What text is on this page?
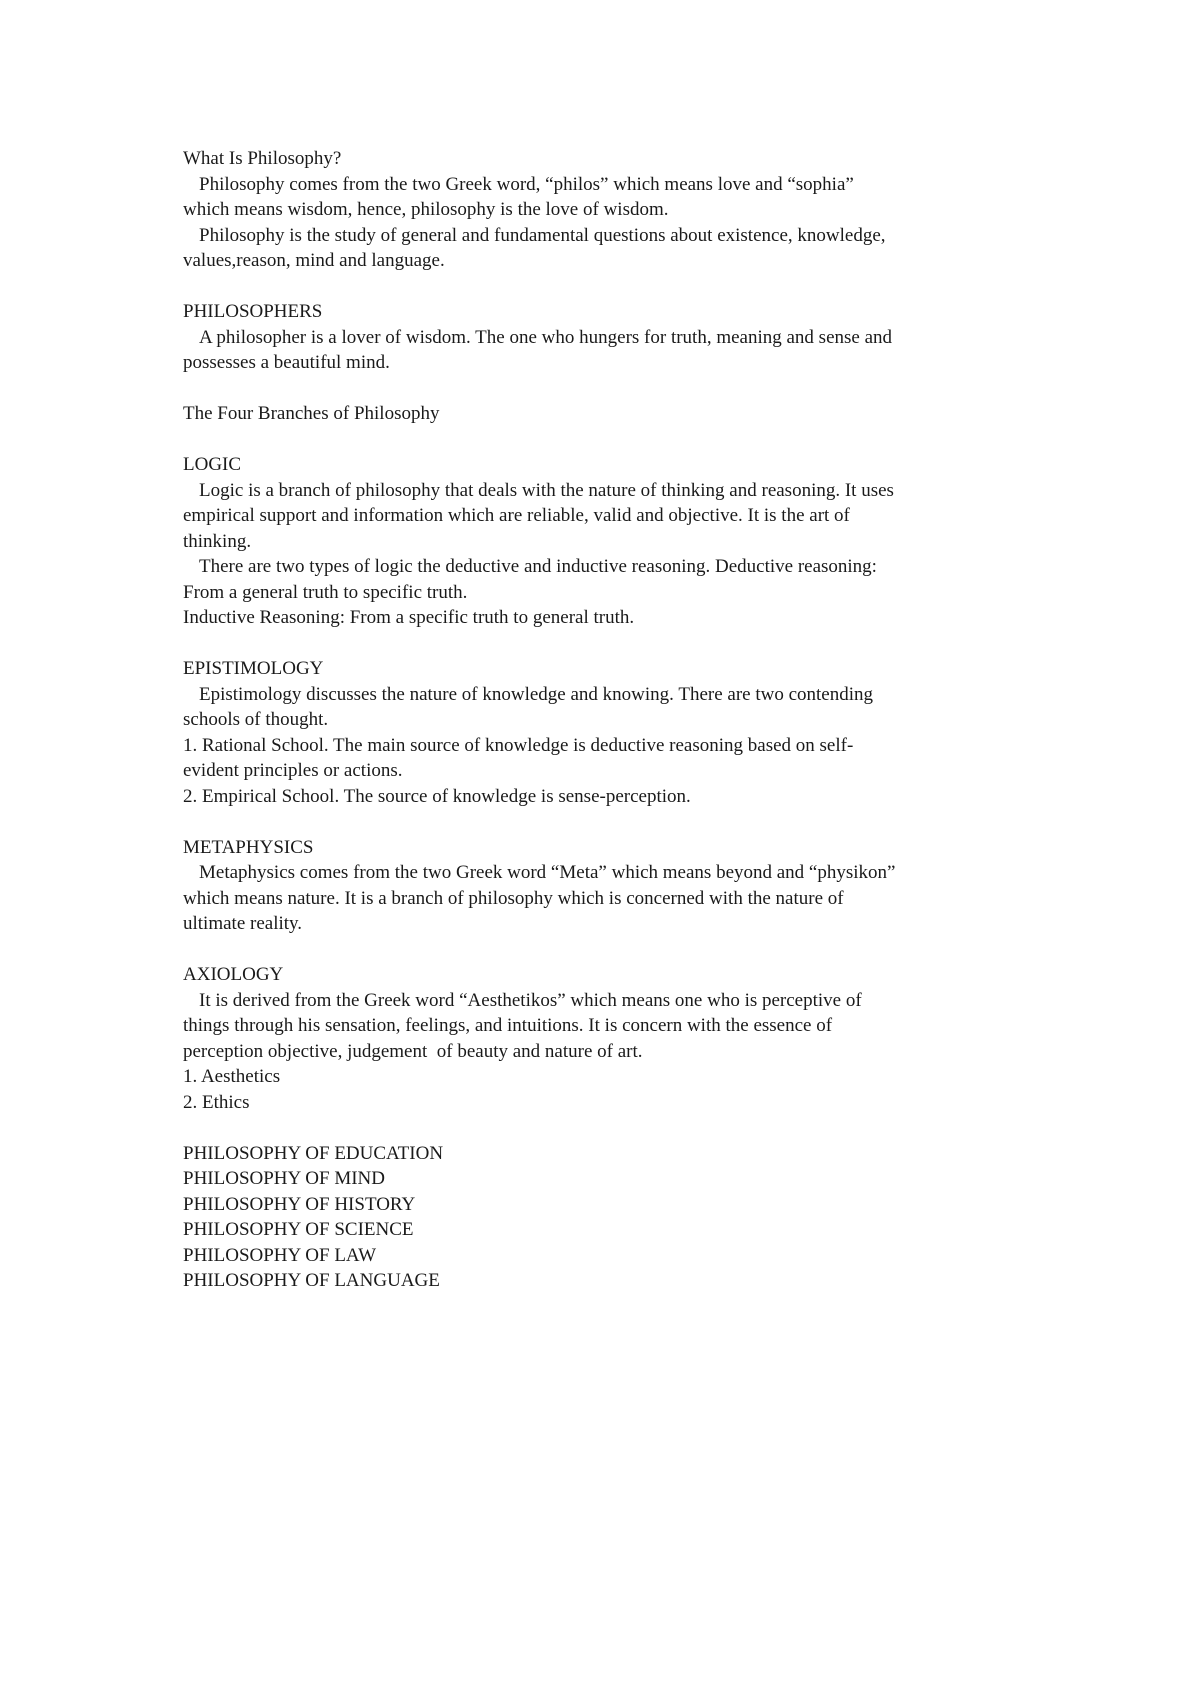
What Is Philosophy?
Philosophy comes from the two Greek word, “philos” which means love and “sophia”
which means wisdom, hence, philosophy is the love of wisdom.
Philosophy is the study of general and fundamental questions about existence, knowledge,
values,reason, mind and language.
PHILOSOPHERS
A philosopher is a lover of wisdom. The one who hungers for truth, meaning and sense and
possesses a beautiful mind.
The Four Branches of Philosophy
LOGIC
Logic is a branch of philosophy that deals with the nature of thinking and reasoning. It uses
empirical support and information which are reliable, valid and objective. It is the art of
thinking.
There are two types of logic the deductive and inductive reasoning. Deductive reasoning:
From a general truth to specific truth.
Inductive Reasoning: From a specific truth to general truth.
EPISTIMOLOGY
Epistimology discusses the nature of knowledge and knowing. There are two contending
schools of thought.
1. Rational School. The main source of knowledge is deductive reasoning based on self-
evident principles or actions.
2. Empirical School. The source of knowledge is sense-perception.
METAPHYSICS
Metaphysics comes from the two Greek word “Meta” which means beyond and “physikon”
which means nature. It is a branch of philosophy which is concerned with the nature of
ultimate reality.
AXIOLOGY
It is derived from the Greek word “Aesthetikos” which means one who is perceptive of
things through his sensation, feelings, and intuitions. It is concern with the essence of
perception objective, judgement  of beauty and nature of art.
1. Aesthetics
2. Ethics
PHILOSOPHY OF EDUCATION
PHILOSOPHY OF MIND
PHILOSOPHY OF HISTORY
PHILOSOPHY OF SCIENCE
PHILOSOPHY OF LAW
PHILOSOPHY OF LANGUAGE
